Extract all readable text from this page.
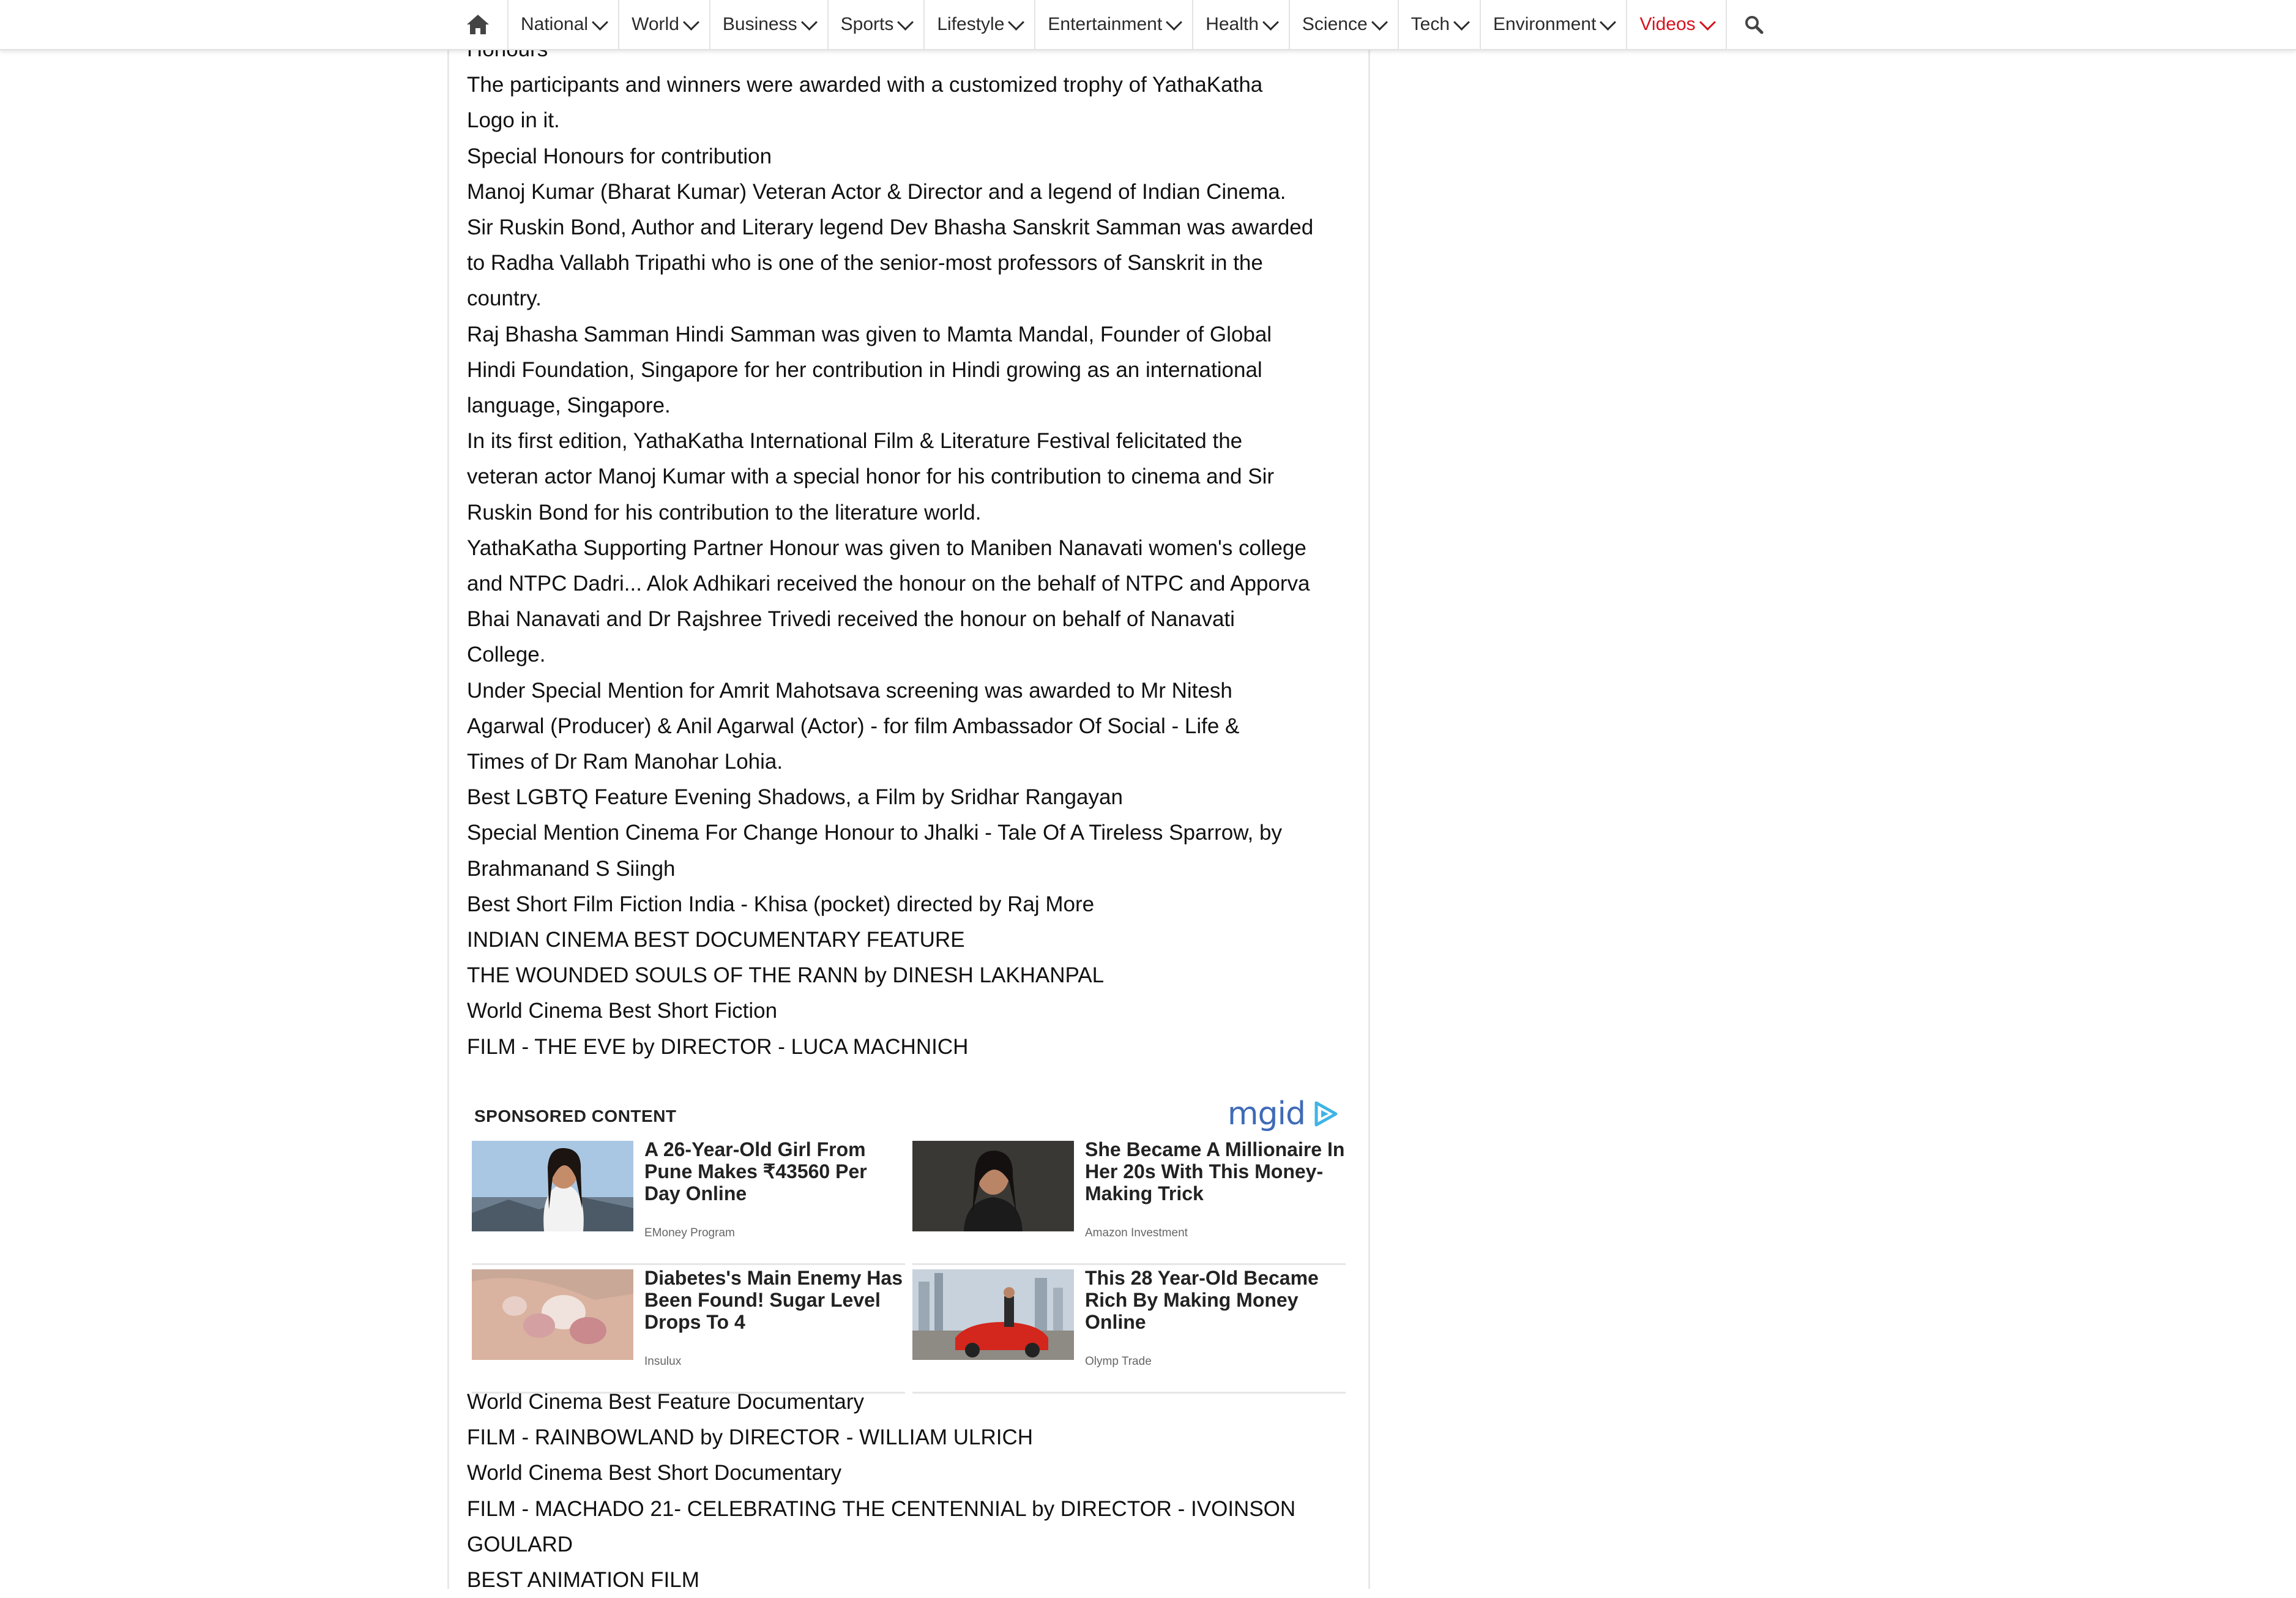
National World Business Sports Lifestyle Entertainment Health Science Tech Environment Videos

The participants and winners were awarded with a customized trophy of YathaKatha

Logo in it.

Special Honours for contribution

Manoj Kumar (Bharat Kumar) Veteran Actor & Director and a legend of Indian Cinema.

Sir Ruskin Bond, Author and Literary legend Dev Bhasha Sanskrit Samman was awarded

to Radha Vallabh Tripathi who is one of the senior-most professors of Sanskrit in the

country.

Raj Bhasha Samman Hindi Samman was given to Mamta Mandal, Founder of Global

Hindi Foundation, Singapore for her contribution in Hindi growing as an international

language, Singapore.

In its first edition, YathaKatha International Film & Literature Festival felicitated the

veteran actor Manoj Kumar with a special honor for his contribution to cinema and Sir

Ruskin Bond for his contribution to the literature world.

YathaKatha Supporting Partner Honour was given to Maniben Nanavati women's college

and NTPC Dadri... Alok Adhikari received the honour on the behalf of NTPC and Apporva

Bhai Nanavati and Dr Rajshree Trivedi received the honour on behalf of Nanavati

College.

Under Special Mention for Amrit Mahotsava screening was awarded to Mr Nitesh

Agarwal (Producer) & Anil Agarwal (Actor) - for film Ambassador Of Social - Life &

Times of Dr Ram Manohar Lohia.

Best LGBTQ Feature Evening Shadows, a Film by Sridhar Rangayan

Special Mention Cinema For Change Honour to Jhalki - Tale Of A Tireless Sparrow, by

Brahmanand S Siingh

Best Short Film Fiction India - Khisa (pocket) directed by Raj More

INDIAN CINEMA BEST DOCUMENTARY FEATURE

THE WOUNDED SOULS OF THE RANN by DINESH LAKHANPAL

World Cinema Best Short Fiction

FILM - THE EVE by DIRECTOR - LUCA MACHNICH

SPONSORED CONTENT	mgid
A 26-Year-Old Girl From Pune Makes ₹43560 Per Day Online
EMoney Program
She Became A Millionaire In Her 20s With This Money-Making Trick
Amazon Investment
Diabetes's Main Enemy Has Been Found! Sugar Level Drops To 4
Insulux
This 28 Year-Old Became Rich By Making Money Online
Olymp Trade

World Cinema Best Feature Documentary

FILM - RAINBOWLAND by DIRECTOR - WILLIAM ULRICH

World Cinema Best Short Documentary

FILM - MACHADO 21- CELEBRATING THE CENTENNIAL by DIRECTOR - IVOINSON

GOULARD

BEST ANIMATION FILM
